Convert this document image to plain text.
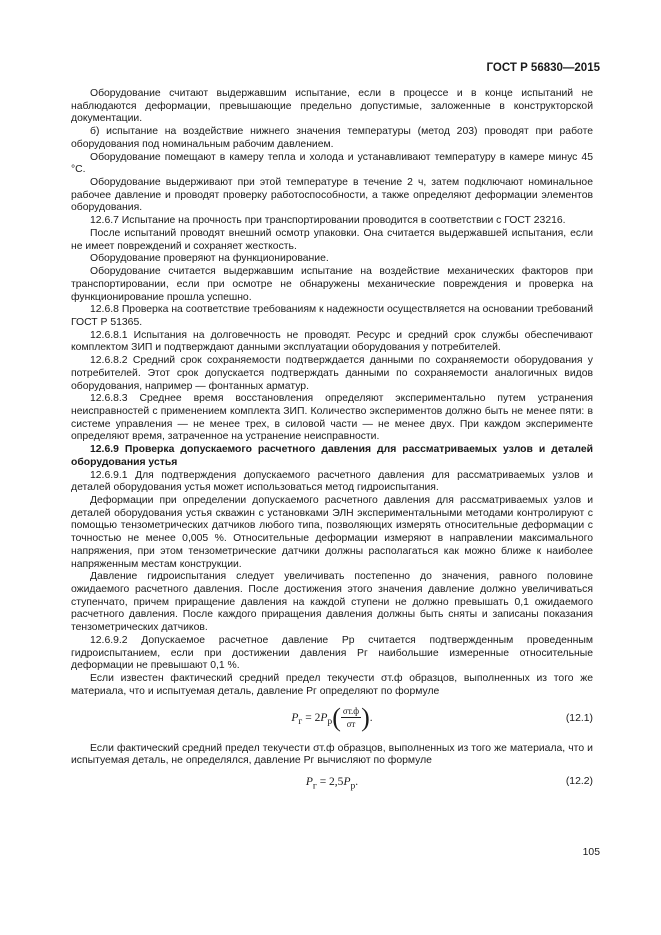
ГОСТ Р 56830—2015

Оборудование считают выдержавшим испытание, если в процессе и в конце испытаний не наблюдаются деформации, превышающие предельно допустимые, заложенные в конструкторской документации.

б) испытание на воздействие нижнего значения температуры (метод 203) проводят при работе оборудования под номинальным рабочим давлением.

Оборудование помещают в камеру тепла и холода и устанавливают температуру в камере минус 45 °С.

Оборудование выдерживают при этой температуре в течение 2 ч, затем подключают номинальное рабочее давление и проводят проверку работоспособности, а также определяют деформации элементов оборудования.

12.6.7 Испытание на прочность при транспортировании проводится в соответствии с ГОСТ 23216.

После испытаний проводят внешний осмотр упаковки. Она считается выдержавшей испытания, если не имеет повреждений и сохраняет жесткость.

Оборудование проверяют на функционирование.

Оборудование считается выдержавшим испытание на воздействие механических факторов при транспортировании, если при осмотре не обнаружены механические повреждения и проверка на функционирование прошла успешно.

12.6.8 Проверка на соответствие требованиям к надежности осуществляется на основании требований ГОСТ Р 51365.

12.6.8.1 Испытания на долговечность не проводят. Ресурс и средний срок службы обеспечивают комплектом ЗИП и подтверждают данными эксплуатации оборудования у потребителей.

12.6.8.2 Средний срок сохраняемости подтверждается данными по сохраняемости оборудования у потребителей. Этот срок допускается подтверждать данными по сохраняемости аналогичных видов оборудования, например — фонтанных арматур.

12.6.8.3 Среднее время восстановления определяют экспериментально путем устранения неисправностей с применением комплекта ЗИП. Количество экспериментов должно быть не менее пяти: в системе управления — не менее трех, в силовой части — не менее двух. При каждом эксперименте определяют время, затраченное на устранение неисправности.

12.6.9 Проверка допускаемого расчетного давления для рассматриваемых узлов и деталей оборудования устья

12.6.9.1 Для подтверждения допускаемого расчетного давления для рассматриваемых узлов и деталей оборудования устья может использоваться метод гидроиспытания.

Деформации при определении допускаемого расчетного давления для рассматриваемых узлов и деталей оборудования устья скважин с установками ЭЛН экспериментальными методами контролируют с помощью тензометрических датчиков любого типа, позволяющих измерять относительные деформации с точностью не менее 0,005 %. Относительные деформации измеряют в направлении максимального напряжения, при этом тензометрические датчики должны располагаться как можно ближе к наиболее напряженным местам конструкции.

Давление гидроиспытания следует увеличивать постепенно до значения, равного половине ожидаемого расчетного давления. После достижения этого значения давление должно увеличиваться ступенчато, причем приращение давления на каждой ступени не должно превышать 0,1 ожидаемого расчетного давления. После каждого приращения давления должны быть сняты и записаны показания тензометрических датчиков.

12.6.9.2 Допускаемое расчетное давление Pр считается подтвержденным проведенным гидроиспытанием, если при достижении давления Pг наибольшие измеренные относительные деформации не превышают 0,1 %.

Если известен фактический средний предел текучести σт.ф образцов, выполненных из того же материала, что и испытуемая деталь, давление Pг определяют по формуле

$P_г = 2P_р( \frac{\sigma т.ф}{\sigma т}$ ).	(12.1)

Если фактический средний предел текучести σт.ф образцов, выполненных из того же материала, что и испытуемая деталь, не определялся, давление Pг вычисляют по формуле

$P_г = 2,5P_р$.	(12.2)
105
